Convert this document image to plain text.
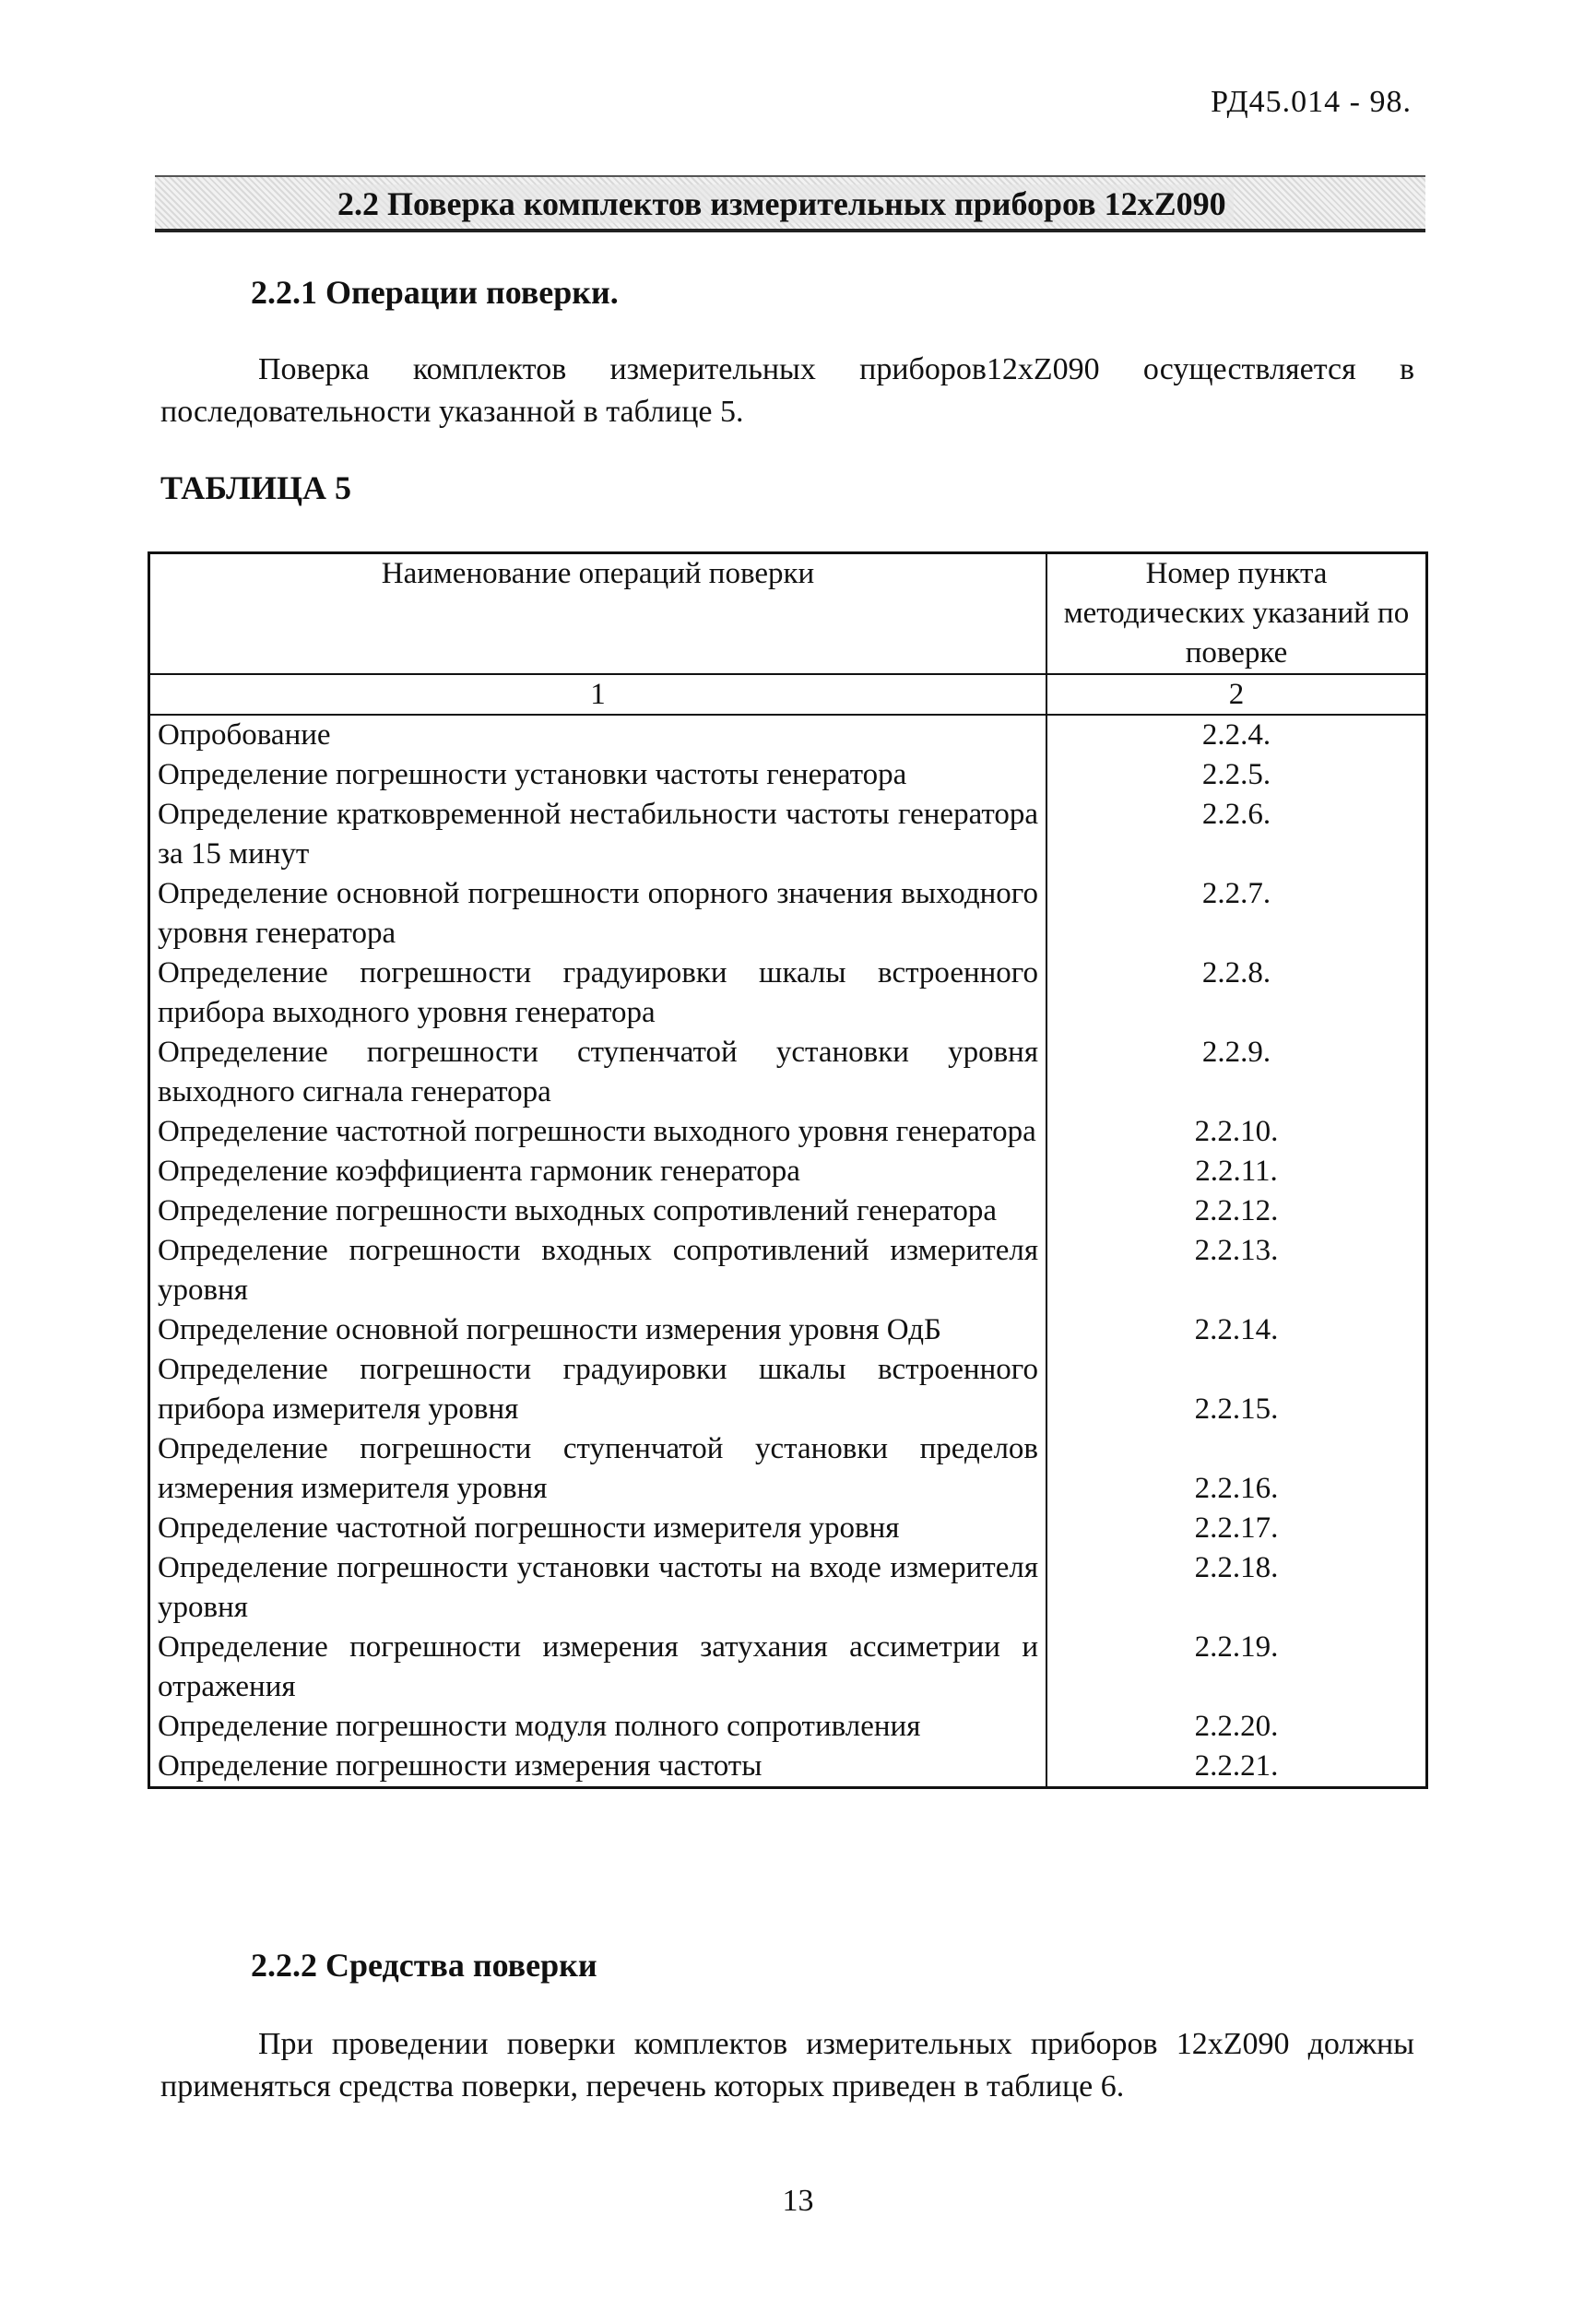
РД45.014 - 98.
2.2 Поверка комплектов измерительных приборов 12хZ090
2.2.1 Операции поверки.
Поверка комплектов измерительных приборов12хZ090 осуществляется в последовательности указанной в таблице 5.
ТАБЛИЦА 5
Наименование операций поверки	Номер пункта методических указаний по поверке
1	2
Опробование	2.2.4.
Определение погрешности установки частоты генератора	2.2.5.
Определение кратковременной нестабильности частоты генератора за 15 минут	2.2.6.
Определение основной погрешности опорного значения выходного уровня генератора	2.2.7.
Определение погрешности градуировки шкалы встроенного прибора выходного уровня генератора	2.2.8.
Определение погрешности ступенчатой установки уровня выходного сигнала генератора	2.2.9.
Определение частотной погрешности выходного уровня генератора	2.2.10.
Определение коэффициента гармоник генератора	2.2.11.
Определение погрешности выходных сопротивлений генератора	2.2.12.
Определение погрешности входных сопротивлений измерителя уровня	2.2.13.
Определение основной погрешности измерения уровня ОдБ	2.2.14.
Определение погрешности градуировки шкалы встроенного прибора измерителя уровня	2.2.15.
Определение погрешности ступенчатой установки пределов измерения измерителя уровня	2.2.16.
Определение частотной погрешности измерителя уровня	2.2.17.
Определение погрешности установки частоты на входе измерителя уровня	2.2.18.
Определение погрешности измерения затухания ассиметрии и отражения	2.2.19.
Определение погрешности модуля полного сопротивления	2.2.20.
Определение погрешности измерения частоты	2.2.21.
2.2.2 Средства поверки
При проведении поверки комплектов измерительных приборов 12хZ090 должны применяться средства поверки, перечень которых приведен в таблице 6.
13
